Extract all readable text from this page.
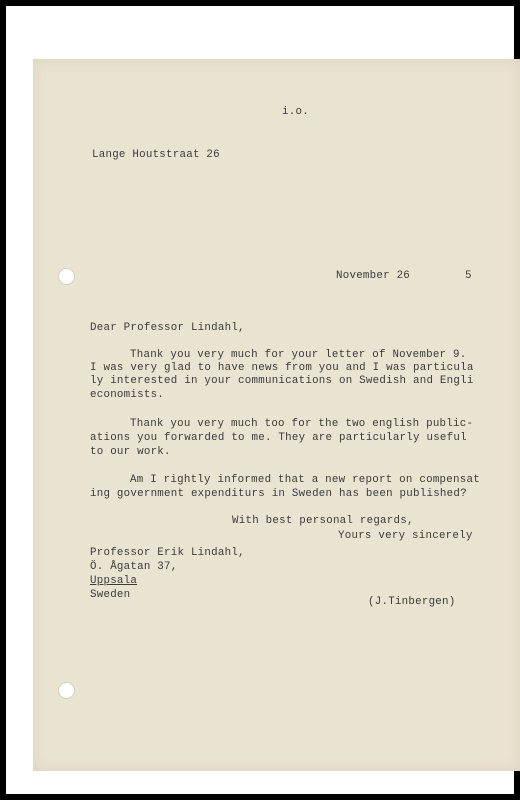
i.o.

Lange Houtstraat 26

November 26	5

Dear Professor Lindahl,

Thank you very much for your letter of November 9.

I was very glad to have news from you and I was particula

ly interested in your communications on Swedish and Engli

economists.

Thank you very much too for the two english public-

ations you forwarded to me. They are particularly useful

to our work.

Am I rightly informed that a new report on compensat

ing government expenditurs in Sweden has been published?

With best personal regards,

Yours very sincerely

Professor Erik Lindahl,

Ö. Ågatan 37,

Uppsala

Sweden

(J.Tinbergen)
